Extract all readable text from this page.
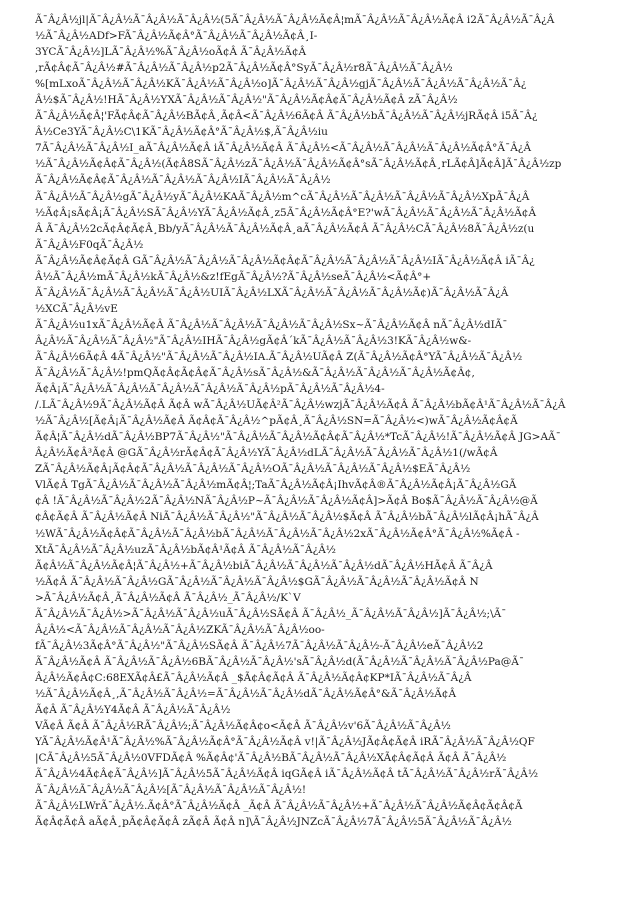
Ã¯Â¿Â½jl|Ã¯Â¿Â½Ã¯Â¿Â½Ã¯Â¿Â½(5Ã¯Â¿Â½Ã¯Â¿Â½Ã¢Â¦mÃ¯Â¿Â½Ã¯Â¿Â½Ã¢Â i2Ã¯Â¿Â½Ã¯Â¿Â
½Ã¯Â¿Â½ADf>FÃ¯Â¿Â½Ã¢Â°Ã¯Â¿Â½Ã¯Â¿Â½Ã¢Â¸I-
3YCÃ¯Â¿Â½]LÃ¯Â¿Â½%Ã¯Â¿Â½oÃ¢Â Ã¯Â¿Â½Ã¢Â
,rÃ¢Â¢Ã¯Â¿Â½#Ã¯Â¿Â½Ã¯Â¿Â½p2Ã¯Â¿Â½Ã¢Â°SyÃ¯Â¿Â½r8Ã¯Â¿Â½Ã¯Â¿Â½
%[mLxoÃ¯Â¿Â½Ã¯Â¿Â½KÃ¯Â¿Â½Ã¯Â¿Â½o]Ã¯Â¿Â½Ã¯Â¿Â½gjÃ¯Â¿Â½Ã¯Â¿Â½Ã¯Â¿Â½Ã¯Â¿
Â½$Ã¯Â¿Â½!HÃ¯Â¿Â½YXÃ¯Â¿Â½Ã¯Â¿Â½"Ã¯Â¿Â½Ã¢Â¢Ã¯Â¿Â½Ã¢Â zÃ¯Â¿Â½
Ã¯Â¿Â½Ã¢Â¦'FÃ¢Â¢Ã¯Â¿Â½BÃ¢Â¸Ã¢Â<Ã¯Â¿Â½6Ã¢Â Ã¯Â¿Â½bÃ¯Â¿Â½Ã¯Â¿Â½jRÃ¢Â i5Ã¯Â¿
Â½Ce3YÃ¯Â¿Â½C\1KÃ¯Â¿Â½Ã¢Â°Ã¯Â¿Â½$,Ã¯Â¿Â½iu
7Ã¯Â¿Â½Ã¯Â¿Â½I_aÃ¯Â¿Â½Ã¢Â iÃ¯Â¿Â½Ã¢Â Ã¯Â¿Â½<Ã¯Â¿Â½Ã¯Â¿Â½Ã¯Â¿Â½Ã¢Â°Ã¯Â¿Â
½Ã¯Â¿Â½Ã¢Â¢Ã¯Â¿Â½(Ã¢Â8SÃ¯Â¿Â½zÃ¯Â¿Â½Ã¯Â¿Â½Ã¢Â°sÃ¯Â¿Â½Ã¢Â¸rLÃ¢Â]Ã¢Â]Ã¯Â¿Â½zp
Ã¯Â¿Â½Ã¢Â¢Ã¯Â¿Â½Ã¯Â¿Â½Ã¯Â¿Â½IÃ¯Â¿Â½Ã¯Â¿Â½
Ã¯Â¿Â½Ã¯Â¿Â½gÃ¯Â¿Â½yÃ¯Â¿Â½KAÃ¯Â¿Â½m^cÃ¯Â¿Â½Ã¯Â¿Â½Ã¯Â¿Â½Ã¯Â¿Â½XpÃ¯Â¿Â
½Ã¢Â¡sÃ¢Â¡Ã¯Â¿Â½SÃ¯Â¿Â½YÃ¯Â¿Â½Ã¢Â¸z5Ã¯Â¿Â½Ã¢Â°E?'wÃ¯Â¿Â½Ã¯Â¿Â½Ã¯Â¿Â½Ã¢Â
Â Ã¯Â¿Â½2cÃ¢Â¢Ã¢Â¸Bb/yÃ¯Â¿Â½Ã¯Â¿Â½Ã¢Â¸aÃ¯Â¿Â½Ã¢Â Ã¯Â¿Â½CÃ¯Â¿Â½8Ã¯Â¿Â½z(u
Ã¯Â¿Â½F0qÃ¯Â¿Â½
Ã¯Â¿Â½Ã¢Â¢Ã¢Â GÃ¯Â¿Â½Ã¯Â¿Â½Ã¯Â¿Â½Ã¢Â¢Ã¯Â¿Â½Ã¯Â¿Â½Ã¯Â¿Â½IÃ¯Â¿Â½Ã¢Â iÃ¯Â¿
Â½Ã¯Â¿Â½mÃ¯Â¿Â½kÃ¯Â¿Â½&z!fEgÃ¯Â¿Â½?Ã¯Â¿Â½seÃ¯Â¿Â½<Ã¢Â°+
Ã¯Â¿Â½Ã¯Â¿Â½Ã¯Â¿Â½Ã¯Â¿Â½UIÃ¯Â¿Â½LXÃ¯Â¿Â½Ã¯Â¿Â½Ã¯Â¿Â½Ã¢)Ã¯Â¿Â½Ã¯Â¿Â
½XCÃ¯Â¿Â½vE
Ã¯Â¿Â½u1xÃ¯Â¿Â½Ã¢Â Ã¯Â¿Â½Ã¯Â¿Â½Ã¯Â¿Â½Ã¯Â¿Â½Sx~Ã¯Â¿Â½Ã¢Â nÃ¯Â¿Â½dIÃ¯
Â¿Â½Ã¯Â¿Â½Ã¯Â¿Â½"Ã¯Â¿Â½IHÃ¯Â¿Â½gÃ¢Â´kÃ¯Â¿Â½Ã¯Â¿Â½3!KÃ¯Â¿Â½w&-
Ã¯Â¿Â½6Ã¢Â 4Ã¯Â¿Â½"Ã¯Â¿Â½Ã¯Â¿Â½IA.Ã¯Â¿Â½UÃ¢Â Z(Ã¯Â¿Â½Ã¢Â°YÃ¯Â¿Â½Ã¯Â¿Â½
Ã¯Â¿Â½Ã¯Â¿Â½!pmQÃ¢Â¢Ã¢Â¢Ã¯Â¿Â½sÃ¯Â¿Â½&Ã¯Â¿Â½Ã¯Â¿Â½Ã¯Â¿Â½Ã¢Â¢,
Ã¢Â¡Ã¯Â¿Â½Ã¯Â¿Â½Ã¯Â¿Â½Ã¯Â¿Â½Ã¯Â¿Â½pÃ¯Â¿Â½Ã¯Â¿Â½4-
/.LÃ¯Â¿Â½9Ã¯Â¿Â½Ã¢Â Ã¢Â wÃ¯Â¿Â½UÃ¢Â²Ã¯Â¿Â½wzjÃ¯Â¿Â½Ã¢Â Ã¯Â¿Â½bÃ¢Â¹Ã¯Â¿Â½Ã¯Â¿Â
½Ã¯Â¿Â½[Ã¢Â¡Ã¯Â¿Â½Ã¢Â Ã¢Â¢Ã¯Â¿Â½^pÃ¢Â¸Ã¯Â¿Â½SN=Ã¯Â¿Â½<)wÃ¯Â¿Â½Ã¢Â¢Ã
Ã¢Â¦Ã¯Â¿Â½dÃ¯Â¿Â½BP7Ã¯Â¿Â½"Ã¯Â¿Â½Ã¯Â¿Â½Ã¢Â¢Ã¯Â¿Â½*TcÃ¯Â¿Â½!Ã¯Â¿Â½Ã¢Â JG>AÃ¯
Â¿Â½Ã¢Â³Ã¢Â @GÃ¯Â¿Â½rÃ¢Â¢Ã¯Â¿Â½YÃ¯Â¿Â½dLÃ¯Â¿Â½Ã¯Â¿Â½Ã¯Â¿Â½1(/wÃ¢Â
ZÃ¯Â¿Â½Ã¢Â¡Ã¢Â¢Ã¯Â¿Â½Ã¯Â¿Â½Ã¯Â¿Â½OÃ¯Â¿Â½Ã¯Â¿Â½Ã¯Â¿Â½$EÃ¯Â¿Â½
VlÃ¢Â TgÃ¯Â¿Â½Ã¯Â¿Â½Ã¯Â¿Â½mÃ¢Â¦;TaÃ¯Â¿Â½Ã¢Â¡IhvÃ¢Â®Ã¯Â¿Â½Ã¢Â¡Ã¯Â¿Â½GÃ
¢Â !Ã¯Â¿Â½Ã¯Â¿Â½2Ã¯Â¿Â½NÃ¯Â¿Â½P~Ã¯Â¿Â½Ã¯Â¿Â½Ã¢Â]>Ã¢Â Bo$Ã¯Â¿Â½Ã¯Â¿Â½@Ã
¢Â¢Ã¢Â Ã¯Â¿Â½Ã¢Â NiÃ¯Â¿Â½Ã¯Â¿Â½"Ã¯Â¿Â½Ã¯Â¿Â½$Ã¢Â Ã¯Â¿Â½bÃ¯Â¿Â½lÃ¢Â¡hÃ¯Â¿Â
½WÃ¯Â¿Â½Ã¢Â¢Ã¯Â¿Â½Ã¯Â¿Â½bÃ¯Â¿Â½Ã¯Â¿Â½Ã¯Â¿Â½2xÃ¯Â¿Â½Ã¢Â°Ã¯Â¿Â½%Ã¢Â -
XtÃ¯Â¿Â½Ã¯Â¿Â½uzÃ¯Â¿Â½bÃ¢Â¹Ã¢Â Ã¯Â¿Â½Ã¯Â¿Â½
Ã¢Â½Ã¯Â¿Â½Ã¢Â¦Ã¯Â¿Â½+Ã¯Â¿Â½biÃ¯Â¿Â½Ã¯Â¿Â½Ã¯Â¿Â½dÃ¯Â¿Â½HÃ¢Â Ã¯Â¿Â
½Ã¢Â Ã¯Â¿Â½Ã¯Â¿Â½GÃ¯Â¿Â½Ã¯Â¿Â½Ã¯Â¿Â½$GÃ¯Â¿Â½Ã¯Â¿Â½Ã¯Â¿Â½Ã¢Â N
>Ã¯Â¿Â½Ã¢Â¸Ã¯Â¿Â½Ã¢Â Ã¯Â¿Â½_Ã¯Â¿Â½/K`V
Ã¯Â¿Â½Ã¯Â¿Â½>Ã¯Â¿Â½Ã¯Â¿Â½uÃ¯Â¿Â½SÃ¢Â Ã¯Â¿Â½_Ã¯Â¿Â½Ã¯Â¿Â½]Ã¯Â¿Â½;\Ã¯
Â¿Â½<Ã¯Â¿Â½Ã¯Â¿Â½Ã¯Â¿Â½ZKÃ¯Â¿Â½Ã¯Â¿Â½oo-
fÃ¯Â¿Â½3Ã¢Â°Ã¯Â¿Â½"Ã¯Â¿Â½SÃ¢Â Ã¯Â¿Â½7Ã¯Â¿Â½Ã¯Â¿Â½-Ã¯Â¿Â½eÃ¯Â¿Â½2
Ã¯Â¿Â½Ã¢Â Ã¯Â¿Â½Ã¯Â¿Â½6BÃ¯Â¿Â½Ã¯Â¿Â½'sÃ¯Â¿Â½d(Ã¯Â¿Â½Ã¯Â¿Â½Ã¯Â¿Â½Pa@Ã¯
Â¿Â½Ã¢Â¢C:68EXÃ¢Â£Ã¯Â¿Â½Ã¢Â _$Ã¢Â¢Ã¢Â Ã¯Â¿Â½Ã¢Â¢KP*IÃ¯Â¿Â½Ã¯Â¿Â
½Ã¯Â¿Â½Ã¢Â¸,Ã¯Â¿Â½Ã¯Â¿Â½=Ã¯Â¿Â½Ã¯Â¿Â½dÃ¯Â¿Â½Ã¢Â°&Ã¯Â¿Â½Ã¢Â
Ã¢Â Ã¯Â¿Â½Y4Ã¢Â Ã¯Â¿Â½Ã¯Â¿Â½
VÃ¢Â Ã¢Â Ã¯Â¿Â½RÃ¯Â¿Â½;Ã¯Â¿Â½Ã¢Â¢o<Ã¢Â Ã¯Â¿Â½v'6Ã¯Â¿Â½Ã¯Â¿Â½
YÃ¯Â¿Â½Ã¢Â¹Ã¯Â¿Â½%Ã¯Â¿Â½Ã¢Â°Ã¯Â¿Â½Ã¢Â v!|Ã¯Â¿Â½JÃ¢Â¢Ã¢Â iRÃ¯Â¿Â½Ã¯Â¿Â½QF
|CÃ¯Â¿Â½5Ã¯Â¿Â½0VFDÃ¢Â %Ã¢Â¢'Ã¯Â¿Â½BÃ¯Â¿Â½Ã¯Â¿Â½XÃ¢Â¢Ã¢Â Ã¢Â Ã¯Â¿Â½
Ã¯Â¿Â½4Ã¢Â¢Ã¯Â¿Â½]Ã¯Â¿Â½5Ã¯Â¿Â½Ã¢Â iqGÃ¢Â iÃ¯Â¿Â½Ã¢Â tÃ¯Â¿Â½Ã¯Â¿Â½rÃ¯Â¿Â½
Ã¯Â¿Â½Ã¯Â¿Â½Ã¯Â¿Â½[Ã¯Â¿Â½Ã¯Â¿Â½Ã¯Â¿Â½!
Ã¯Â¿Â½LWrÃ¯Â¿Â½.Ã¢Â°Ã¯Â¿Â½Ã¢Â _Ã¢Â Ã¯Â¿Â½Ã¯Â¿Â½+Ã¯Â¿Â½Ã¯Â¿Â½Ã¢Â¢Ã¢Â¢Ã
Ã¢Â¢Ã¢Â aÃ¢Â¸pÃ¢Â¢Ã¢Â zÃ¢Â Ã¢Â n]\Ã¯Â¿Â½JNZcÃ¯Â¿Â½7Ã¯Â¿Â½5Ã¯Â¿Â½Ã¯Â¿Â½
